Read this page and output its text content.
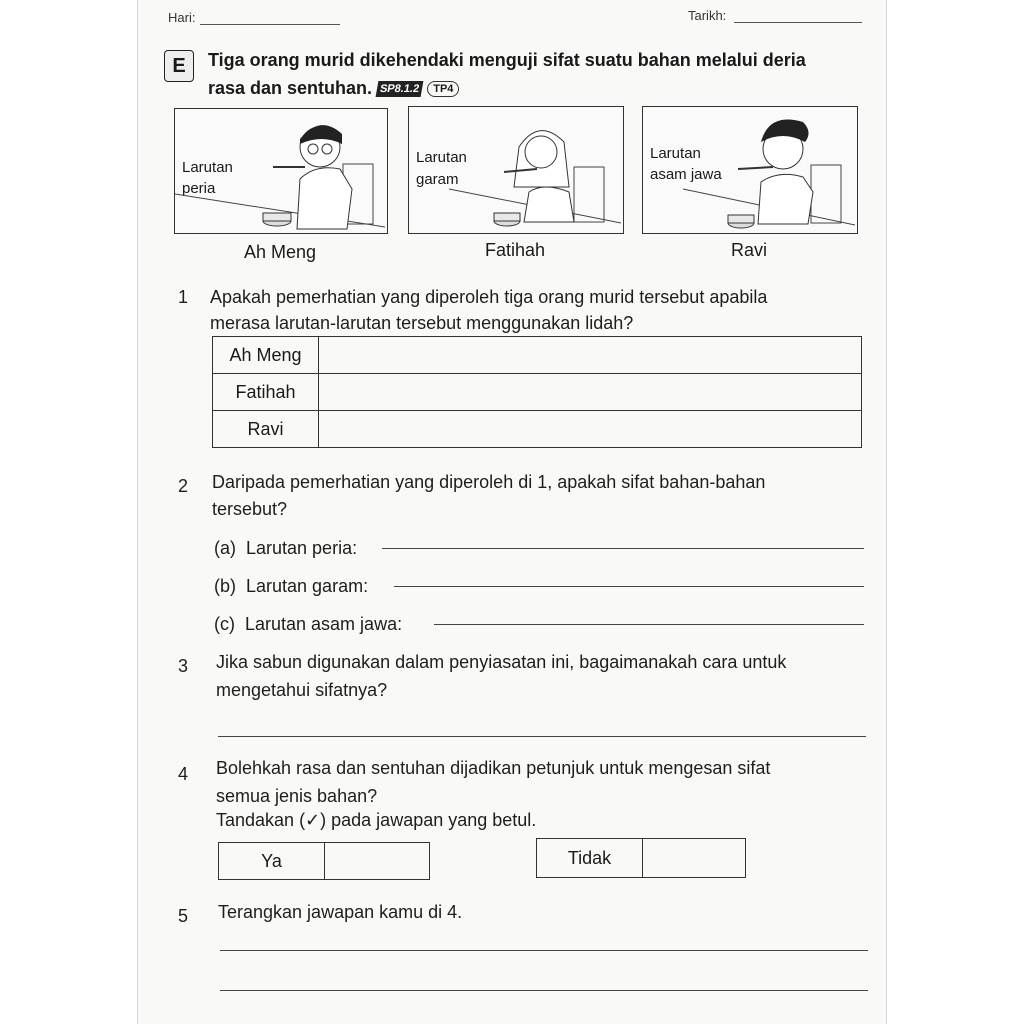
Hari:	Tarikh:
E	Tiga orang murid dikehendaki menguji sifat suatu bahan melalui deria
rasa dan sentuhan. SP8.1.2 TP4
Larutan
peria
Ah Meng
Larutan
garam
Fatihah
Larutan
asam jawa
Ravi
1 Apakah pemerhatian yang diperoleh tiga orang murid tersebut apabila
merasa larutan-larutan tersebut menggunakan lidah?
Ah Meng	
Fatihah	
Ravi	
2 Daripada pemerhatian yang diperoleh di 1, apakah sifat bahan-bahan
tersebut?
(a)  Larutan peria:
(b)  Larutan garam:
(c)  Larutan asam jawa:
3 Jika sabun digunakan dalam penyiasatan ini, bagaimanakah cara untuk
mengetahui sifatnya?
4 Bolehkah rasa dan sentuhan dijadikan petunjuk untuk mengesan sifat
semua jenis bahan?
Tandakan (✓) pada jawapan yang betul.
Ya	Tidak
5 Terangkan jawapan kamu di 4.
